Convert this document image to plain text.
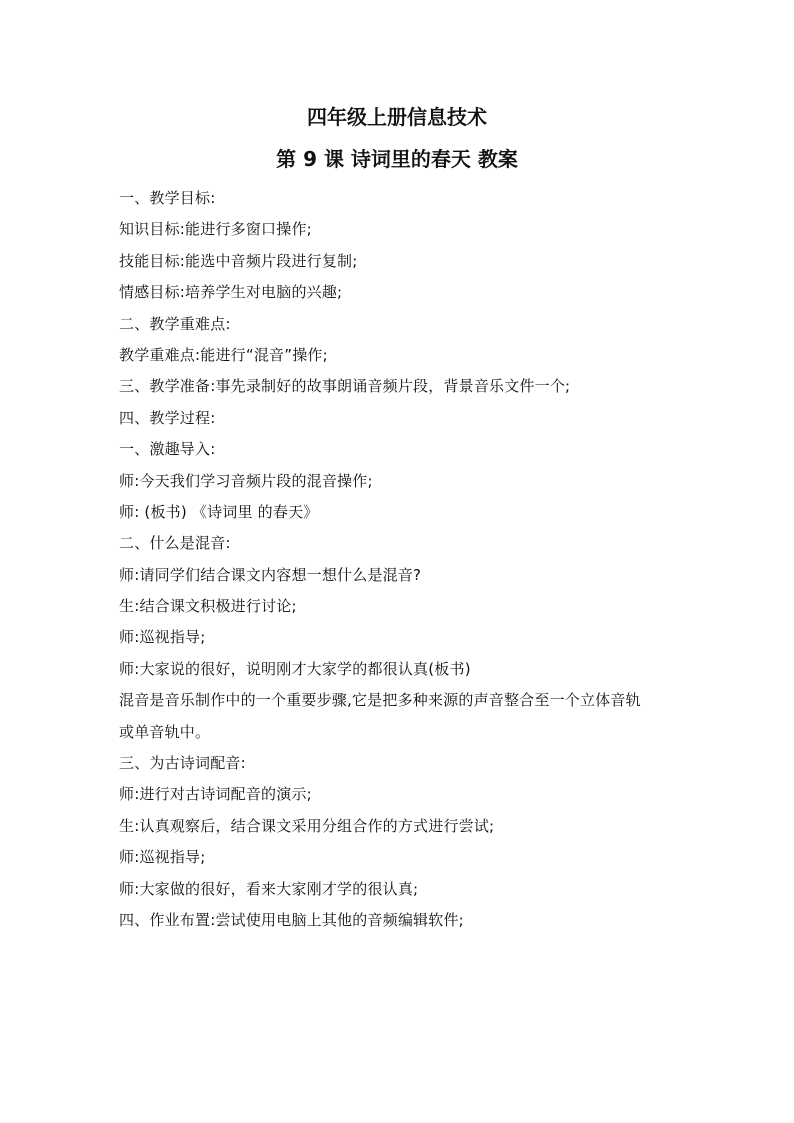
四年级上册信息技术
第 9 课 诗词里的春天 教案
一、教学目标:
知识目标:能进行多窗口操作;
技能目标:能选中音频片段进行复制;
情感目标:培养学生对电脑的兴趣;
二、教学重难点:
教学重难点:能进行“混音”操作;
三、教学准备:事先录制好的故事朗诵音频片段，背景音乐文件一个;
四、教学过程:
一、激趣导入:
师:今天我们学习音频片段的混音操作;
师: (板书) 《诗词里 的春天》
二、什么是混音:
师:请同学们结合课文内容想一想什么是混音?
生:结合课文积极进行讨论;
师:巡视指导;
师:大家说的很好，说明刚才大家学的都很认真(板书)
混音是音乐制作中的一个重要步骤,它是把多种来源的声音整合至一个立体音轨
或单音轨中。
三、为古诗词配音:
师:进行对古诗词配音的演示;
生:认真观察后，结合课文采用分组合作的方式进行尝试;
师:巡视指导;
师:大家做的很好，看来大家刚才学的很认真;
四、作业布置:尝试使用电脑上其他的音频编辑软件;
